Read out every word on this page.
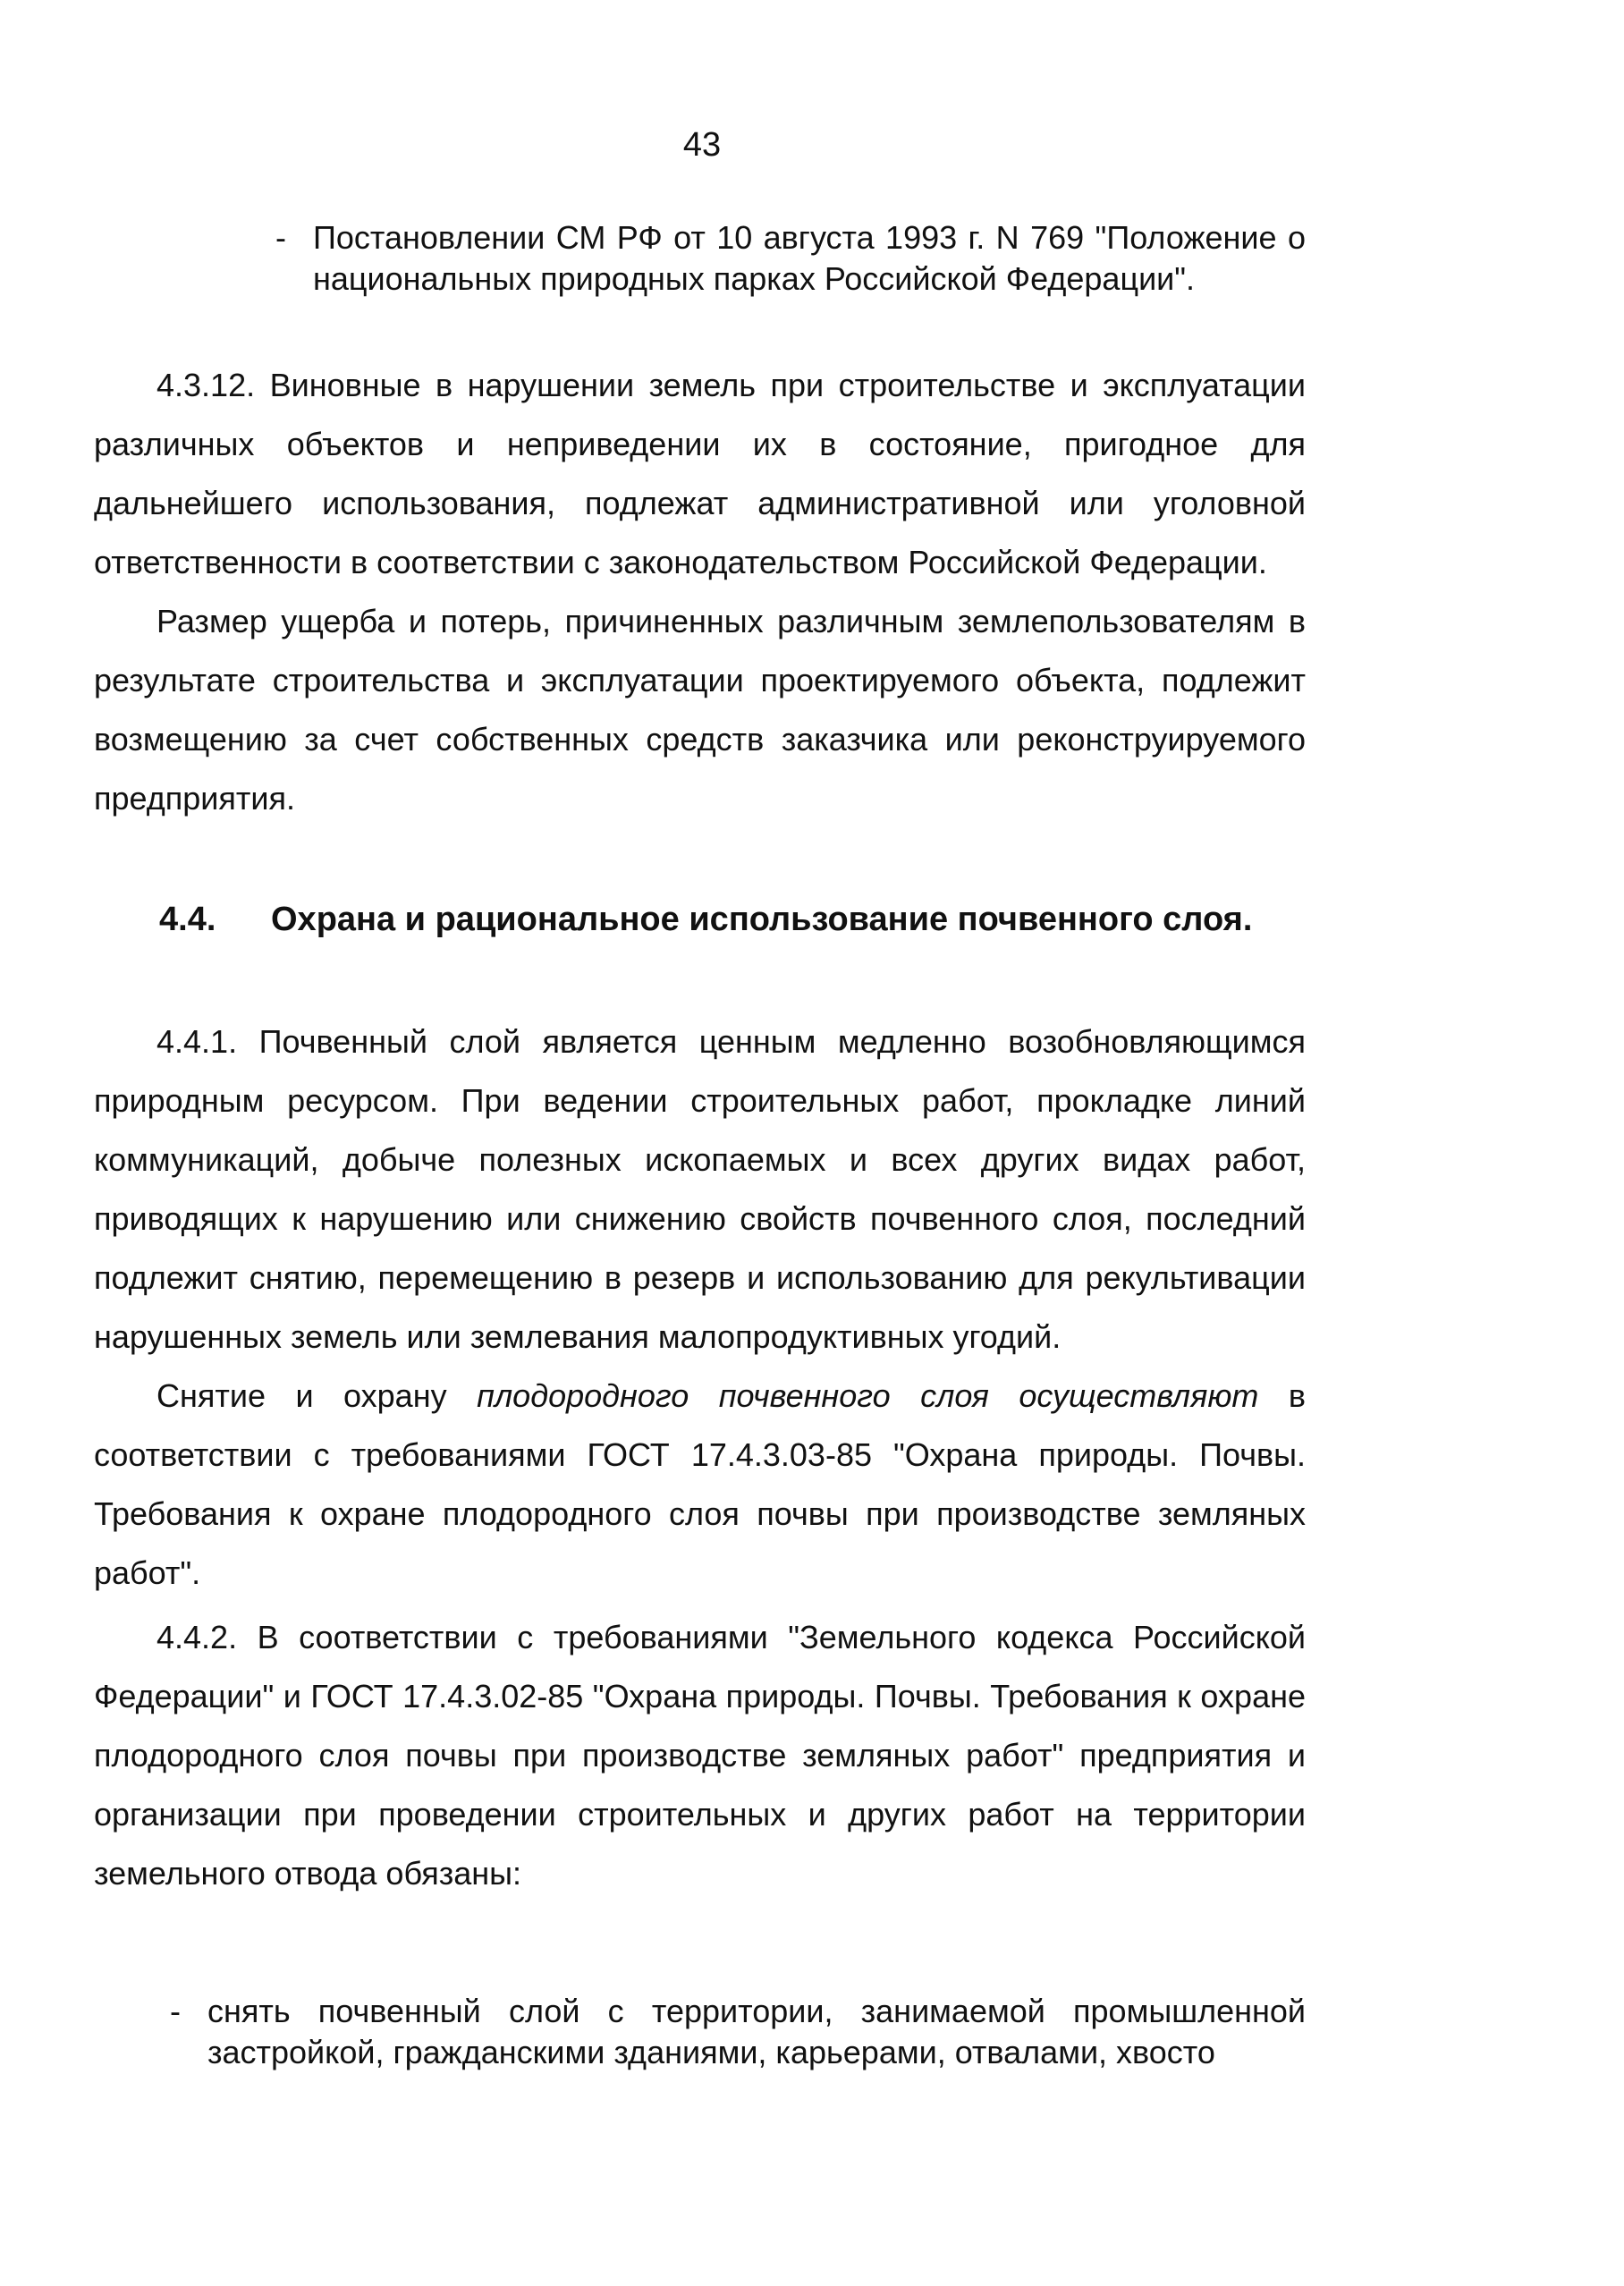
43
- Постановлении СМ РФ от 10 августа 1993 г. N 769 "Положение о национальных природных парках Российской Федерации".

4.3.12. Виновные в нарушении земель при строительстве и эксплуатации различных объектов и неприведении их в состояние, пригодное для дальнейшего использования, подлежат административной или уголовной ответственности в соответствии с законодательством Российской Федерации.

Размер ущерба и потерь, причиненных различным землепользователям в результате строительства и эксплуатации проектируемого объекта, подлежит возмещению за счет собственных средств заказчика или реконструируемого предприятия.

4.4. Охрана и рациональное использование почвенного слоя.

4.4.1. Почвенный слой является ценным медленно возобновляющимся природным ресурсом. При ведении строительных работ, прокладке линий коммуникаций, добыче полезных ископаемых и всех других видах работ, приводящих к нарушению или снижению свойств почвенного слоя, последний подлежит снятию, перемещению в резерв и использованию для рекультивации нарушенных земель или землевания малопродуктивных угодий.

Снятие и охрану плодородного почвенного слоя осуществляют в соответствии с требованиями ГОСТ 17.4.3.03-85 "Охрана природы. Почвы. Требования к охране плодородного слоя почвы при производстве земляных работ".

4.4.2. В соответствии с требованиями "Земельного кодекса Российской Федерации" и ГОСТ 17.4.3.02-85 "Охрана природы. Почвы. Требования к охране плодородного слоя почвы при производстве земляных работ" предприятия и организации при проведении строительных и других работ на территории земельного отвода обязаны:

- снять почвенный слой с территории, занимаемой промышленной застройкой, гражданскими зданиями, карьерами, отвалами, хвосто
